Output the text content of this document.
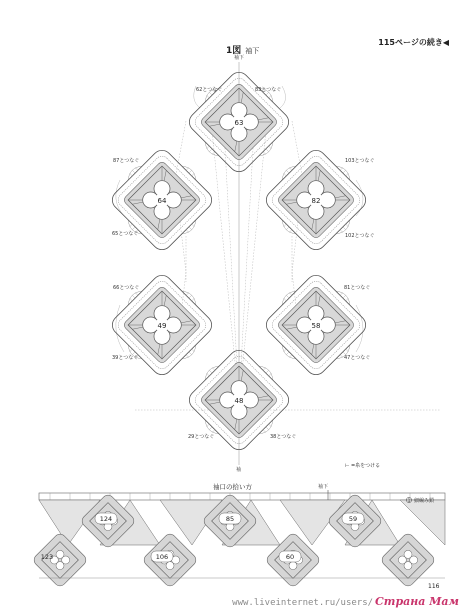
115ページの続き◀
1図 袖下
63
64	82
49	58
48
62とつなぐ	83とつなぐ
87とつなぐ	103とつなぐ
65とつなぐ	102とつなぐ
66とつなぐ	81とつなぐ
39とつなぐ	47とつなぐ
29とつなぐ	38とつなぐ
袖下
袖
124	85	59
123	106	60
袖下
1 細編み鎖
⊢ =糸をつける
袖口の拾い方
116
www.liveinternet.ru/users/ Страна Мам
